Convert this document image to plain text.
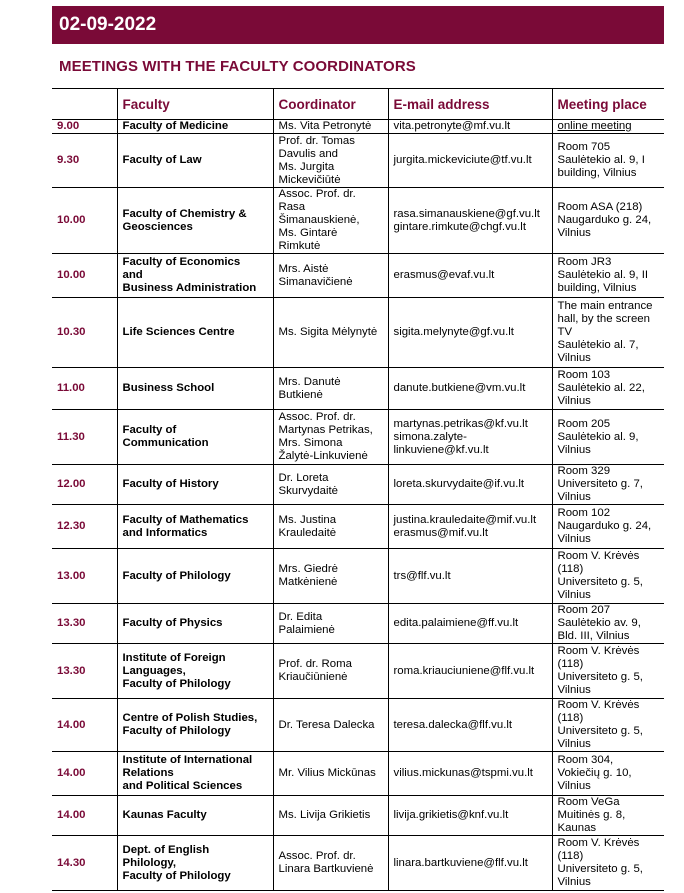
02-09-2022
MEETINGS WITH THE FACULTY COORDINATORS
	Faculty	Coordinator	E-mail address	Meeting place

9.00	Faculty of Medicine	Ms. Vita Petronytė	vita.petronyte@mf.vu.lt	online meeting

9.30	Faculty of Law	Prof. dr. Tomas
Davulis and
Ms. Jurgita
Mickevičiūtė	jurgita.mickeviciute@tf.vu.lt	Room 705
Saulėtekio al. 9, I
building, Vilnius

10.00	Faculty of Chemistry &
Geosciences	Assoc. Prof. dr.
Rasa
Šimanauskienė,
Ms. Gintarė
Rimkutė	rasa.simanauskiene@gf.vu.lt
gintare.rimkute@chgf.vu.lt	Room ASA (218)
Naugarduko g. 24,
Vilnius

10.00	Faculty of Economics
and
Business Administration	Mrs. Aistė
Simanavičienė	erasmus@evaf.vu.lt	Room JR3
Saulėtekio al. 9, II
building, Vilnius

10.30	Life Sciences Centre	Ms. Sigita Mėlynytė	sigita.melynyte@gf.vu.lt	The main entrance
hall, by the screen
TV
Saulėtekio al. 7,
Vilnius

11.00	Business School	Mrs. Danutė
Butkienė	danute.butkiene@vm.vu.lt	Room 103
Saulėtekio al. 22,
Vilnius

11.30	Faculty of
Communication	Assoc. Prof. dr.
Martynas Petrikas,
Mrs. Simona
Žalytė-Linkuvienė	martynas.petrikas@kf.vu.lt
simona.zalyte-
linkuviene@kf.vu.lt	Room 205
Saulėtekio al. 9,
Vilnius

12.00	Faculty of History	Dr. Loreta
Skurvydaitė	loreta.skurvydaite@if.vu.lt	Room 329
Universiteto g. 7,
Vilnius

12.30	Faculty of Mathematics
and Informatics	Ms. Justina
Krauledaitė	justina.krauledaite@mif.vu.lt
erasmus@mif.vu.lt	Room 102
Naugarduko g. 24,
Vilnius

13.00	Faculty of Philology	Mrs. Giedrė
Matkėnienė	trs@flf.vu.lt	Room V. Krėvės
(118)
Universiteto g. 5,
Vilnius

13.30	Faculty of Physics	Dr. Edita
Palaimienė	edita.palaimiene@ff.vu.lt	Room 207
Saulėtekio av. 9,
Bld. III, Vilnius

13.30	Institute of Foreign
Languages,
Faculty of Philology	Prof. dr. Roma
Kriaučiūnienė	roma.kriauciuniene@flf.vu.lt	Room V. Krėvės
(118)
Universiteto g. 5,
Vilnius

14.00	Centre of Polish Studies,
Faculty of Philology	Dr. Teresa Dalecka	teresa.dalecka@flf.vu.lt	Room V. Krėvės
(118)
Universiteto g. 5,
Vilnius

14.00	Institute of International
Relations
and Political Sciences	Mr. Vilius Mickūnas	vilius.mickunas@tspmi.vu.lt	Room 304,
Vokiečių g. 10,
Vilnius

14.00	Kaunas Faculty	Ms. Livija Grikietis	livija.grikietis@knf.vu.lt	Room VeGa
Muitinės g. 8,
Kaunas

14.30	Dept. of English
Philology,
Faculty of Philology	Assoc. Prof. dr.
Linara Bartkuvienė	linara.bartkuviene@flf.vu.lt	Room V. Krėvės
(118)
Universiteto g. 5,
Vilnius
